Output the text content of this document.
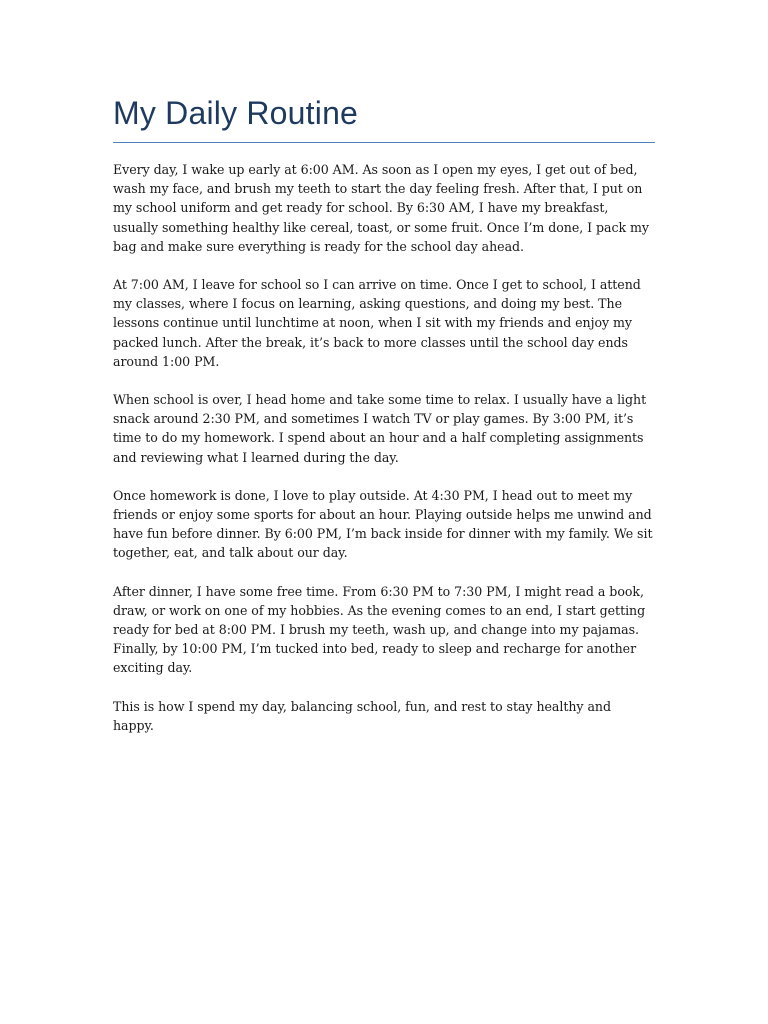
My Daily Routine

Every day, I wake up early at 6:00 AM. As soon as I open my eyes, I get out of bed, wash my face, and brush my teeth to start the day feeling fresh. After that, I put on my school uniform and get ready for school. By 6:30 AM, I have my breakfast, usually something healthy like cereal, toast, or some fruit. Once I’m done, I pack my bag and make sure everything is ready for the school day ahead.

At 7:00 AM, I leave for school so I can arrive on time. Once I get to school, I attend my classes, where I focus on learning, asking questions, and doing my best. The lessons continue until lunchtime at noon, when I sit with my friends and enjoy my packed lunch. After the break, it’s back to more classes until the school day ends around 1:00 PM.

When school is over, I head home and take some time to relax. I usually have a light snack around 2:30 PM, and sometimes I watch TV or play games. By 3:00 PM, it’s time to do my homework. I spend about an hour and a half completing assignments and reviewing what I learned during the day.

Once homework is done, I love to play outside. At 4:30 PM, I head out to meet my friends or enjoy some sports for about an hour. Playing outside helps me unwind and have fun before dinner. By 6:00 PM, I’m back inside for dinner with my family. We sit together, eat, and talk about our day.

After dinner, I have some free time. From 6:30 PM to 7:30 PM, I might read a book, draw, or work on one of my hobbies. As the evening comes to an end, I start getting ready for bed at 8:00 PM. I brush my teeth, wash up, and change into my pajamas. Finally, by 10:00 PM, I’m tucked into bed, ready to sleep and recharge for another exciting day.

This is how I spend my day, balancing school, fun, and rest to stay healthy and happy.
